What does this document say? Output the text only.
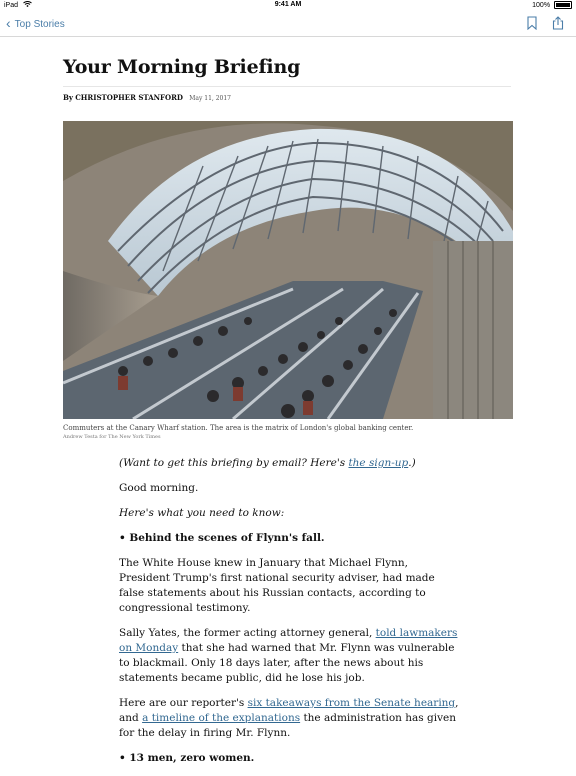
iPad	9:41 AM	100%
‹ Top Stories
Your Morning Briefing
By CHRISTOPHER STANFORD May 11, 2017
Commuters at the Canary Wharf station. The area is the matrix of London's global banking center.
Andrew Testa for The New York Times

(Want to get this briefing by email? Here's the sign-up.)

Good morning.

Here's what you need to know:

• Behind the scenes of Flynn's fall.

The White House knew in January that Michael Flynn, President Trump's first national security adviser, had made false statements about his Russian contacts, according to congressional testimony.

Sally Yates, the former acting attorney general, told lawmakers on Monday that she had warned that Mr. Flynn was vulnerable to blackmail. Only 18 days later, after the news about his statements became public, did he lose his job.

Here are our reporter's six takeaways from the Senate hearing, and a timeline of the explanations the administration has given for the delay in firing Mr. Flynn.

• 13 men, zero women.
